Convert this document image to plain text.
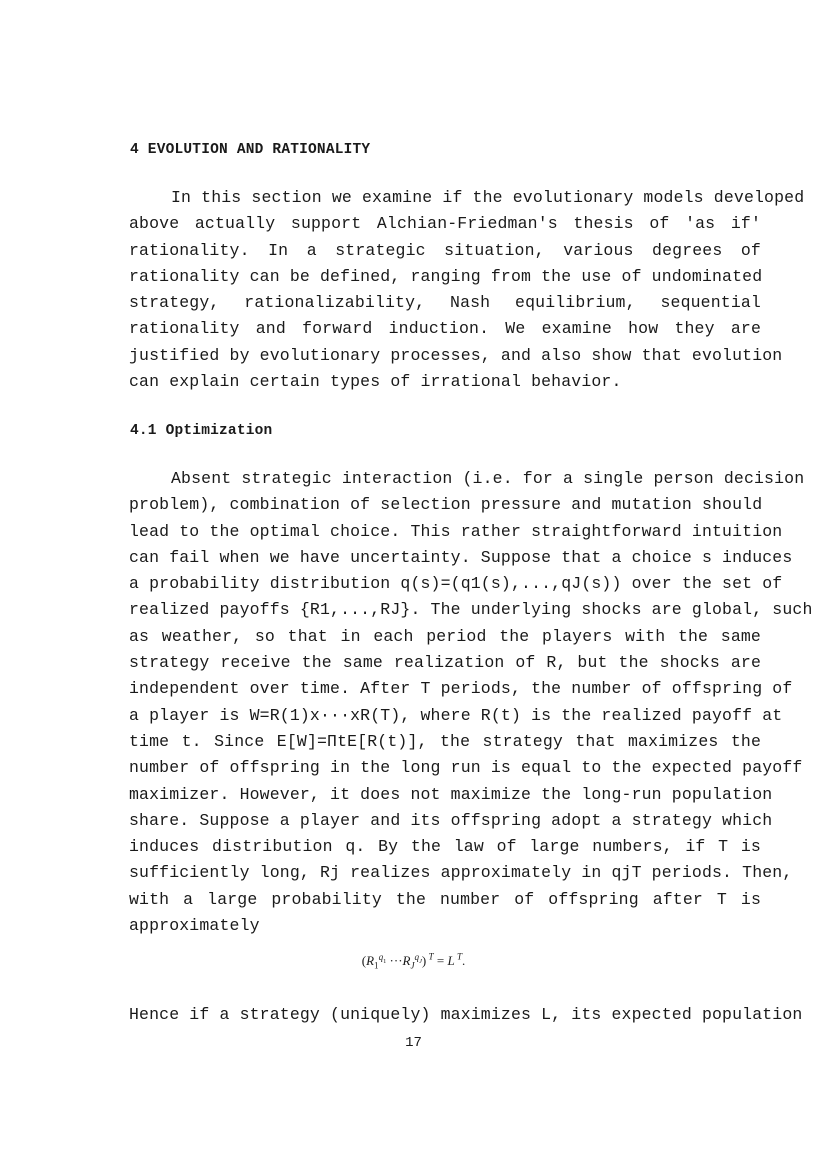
4 EVOLUTION AND RATIONALITY
In this section we examine if the evolutionary models developed
above actually support Alchian-Friedman's thesis of 'as if'
rationality. In a strategic situation, various degrees of
rationality can be defined, ranging from the use of undominated
strategy, rationalizability, Nash equilibrium, sequential
rationality and forward induction. We examine how they are
justified by evolutionary processes, and also show that evolution
can explain certain types of irrational behavior.
4.1 Optimization
Absent strategic interaction (i.e. for a single person decision
problem), combination of selection pressure and mutation should
lead to the optimal choice. This rather straightforward intuition
can fail when we have uncertainty. Suppose that a choice s induces
a probability distribution q(s)=(q1(s),...,qJ(s)) over the set of
realized payoffs {R1,...,RJ}. The underlying shocks are global, such
as weather, so that in each period the players with the same
strategy receive the same realization of R, but the shocks are
independent over time. After T periods, the number of offspring of
a player is W=R(1)x···xR(T), where R(t) is the realized payoff at
time t. Since E[W]=ΠtE[R(t)], the strategy that maximizes the
number of offspring in the long run is equal to the expected payoff
maximizer. However, it does not maximize the long-run population
share. Suppose a player and its offspring adopt a strategy which
induces distribution q. By the law of large numbers, if T is
sufficiently long, Rj realizes approximately in qjT periods. Then,
with a large probability the number of offspring after T is
approximately
$(R_1^{q_1} \cdot\cdot\cdot R_J^{q_J}) ^T = L$ $^T$.
Hence if a strategy (uniquely) maximizes L, its expected population
17
